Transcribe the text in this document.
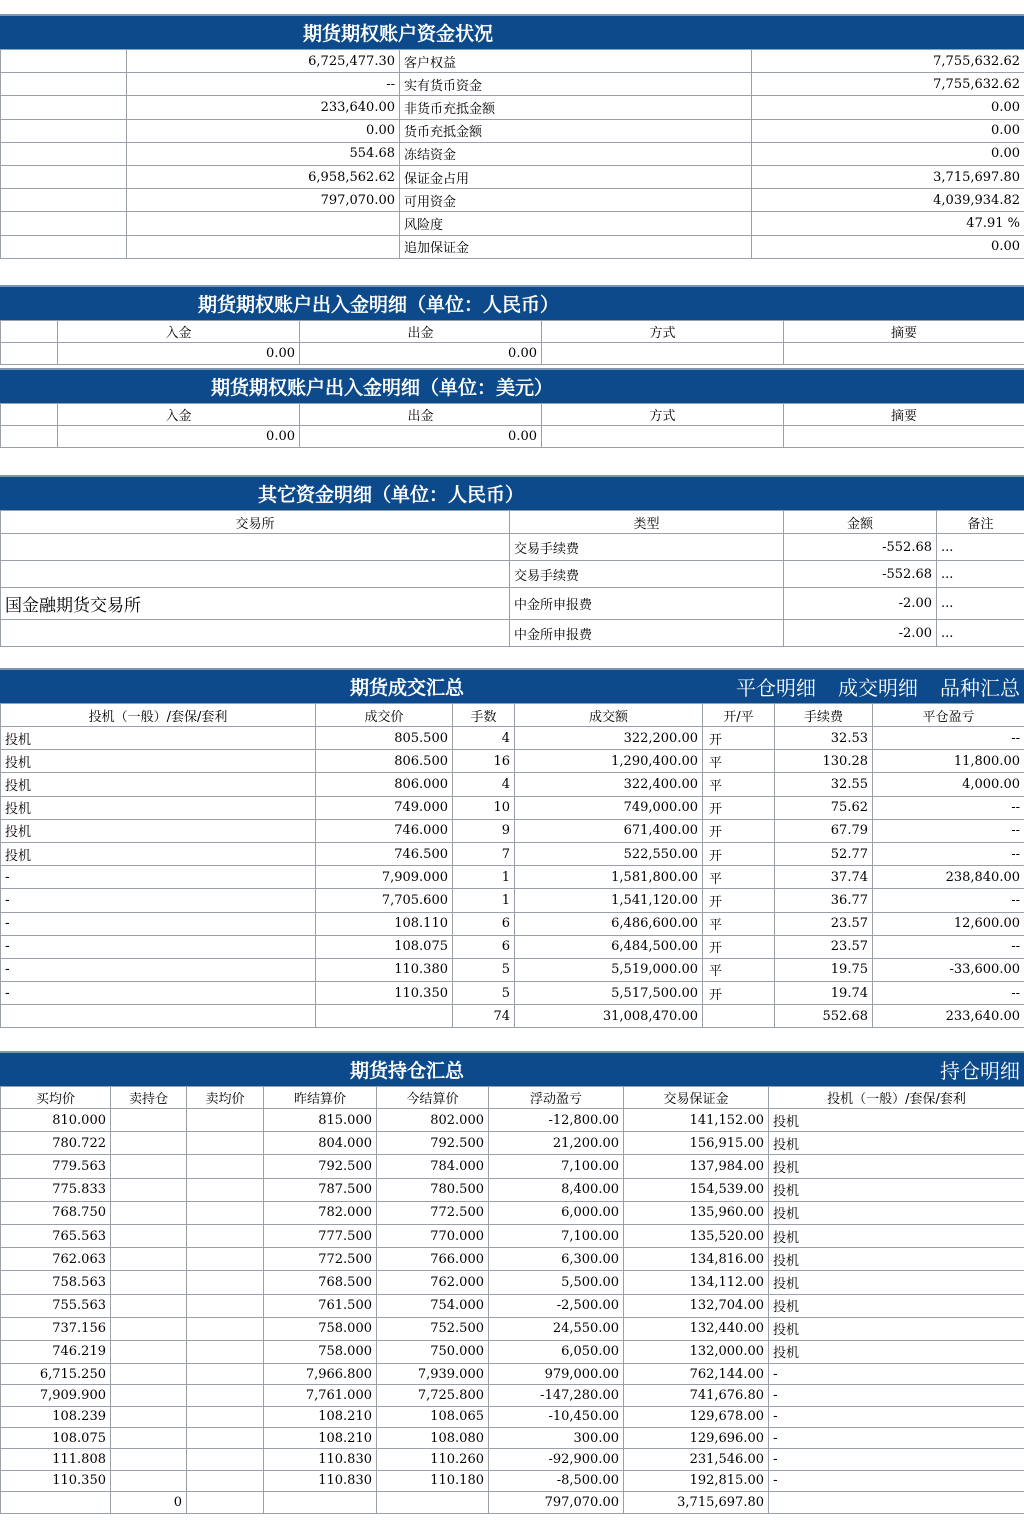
期货期权账户资金状况
	6,725,477.30	客户权益	7,755,632.62
	--	实有货币资金	7,755,632.62
	233,640.00	非货币充抵金额	0.00
	0.00	货币充抵金额	0.00
	554.68	冻结资金	0.00
	6,958,562.62	保证金占用	3,715,697.80
	797,070.00	可用资金	4,039,934.82
		风险度	47.91 %
		追加保证金	0.00
期货期权账户出入金明细（单位：人民币）
	入金	出金	方式	摘要
	0.00	0.00		
期货期权账户出入金明细（单位：美元）
	入金	出金	方式	摘要
	0.00	0.00		
其它资金明细（单位：人民币）
交易所	类型	金额	备注
	交易手续费	-552.68	...
	交易手续费	-552.68	...
国金融期货交易所	中金所申报费	-2.00	...
	中金所申报费	-2.00	...
期货成交汇总	平仓明细 成交明细 品种汇总
投机（一般）/套保/套利	成交价	手数	成交额	开/平	手续费	平仓盈亏
投机	805.500	4	322,200.00	开	32.53	--
投机	806.500	16	1,290,400.00	平	130.28	11,800.00
投机	806.000	4	322,400.00	平	32.55	4,000.00
投机	749.000	10	749,000.00	开	75.62	--
投机	746.000	9	671,400.00	开	67.79	--
投机	746.500	7	522,550.00	开	52.77	--
-	7,909.000	1	1,581,800.00	平	37.74	238,840.00
-	7,705.600	1	1,541,120.00	开	36.77	--
-	108.110	6	6,486,600.00	平	23.57	12,600.00
-	108.075	6	6,484,500.00	开	23.57	--
-	110.380	5	5,519,000.00	平	19.75	-33,600.00
-	110.350	5	5,517,500.00	开	19.74	--
		74	31,008,470.00		552.68	233,640.00
期货持仓汇总	持仓明细
买均价	卖持仓	卖均价	昨结算价	今结算价	浮动盈亏	交易保证金	投机（一般）/套保/套利
810.000			815.000	802.000	-12,800.00	141,152.00	投机
780.722			804.000	792.500	21,200.00	156,915.00	投机
779.563			792.500	784.000	7,100.00	137,984.00	投机
775.833			787.500	780.500	8,400.00	154,539.00	投机
768.750			782.000	772.500	6,000.00	135,960.00	投机
765.563			777.500	770.000	7,100.00	135,520.00	投机
762.063			772.500	766.000	6,300.00	134,816.00	投机
758.563			768.500	762.000	5,500.00	134,112.00	投机
755.563			761.500	754.000	-2,500.00	132,704.00	投机
737.156			758.000	752.500	24,550.00	132,440.00	投机
746.219			758.000	750.000	6,050.00	132,000.00	投机
6,715.250			7,966.800	7,939.000	979,000.00	762,144.00	-
7,909.900			7,761.000	7,725.800	-147,280.00	741,676.80	-
108.239			108.210	108.065	-10,450.00	129,678.00	-
108.075			108.210	108.080	300.00	129,696.00	-
111.808			110.830	110.260	-92,900.00	231,546.00	-
110.350			110.830	110.180	-8,500.00	192,815.00	-
	0				797,070.00	3,715,697.80	
